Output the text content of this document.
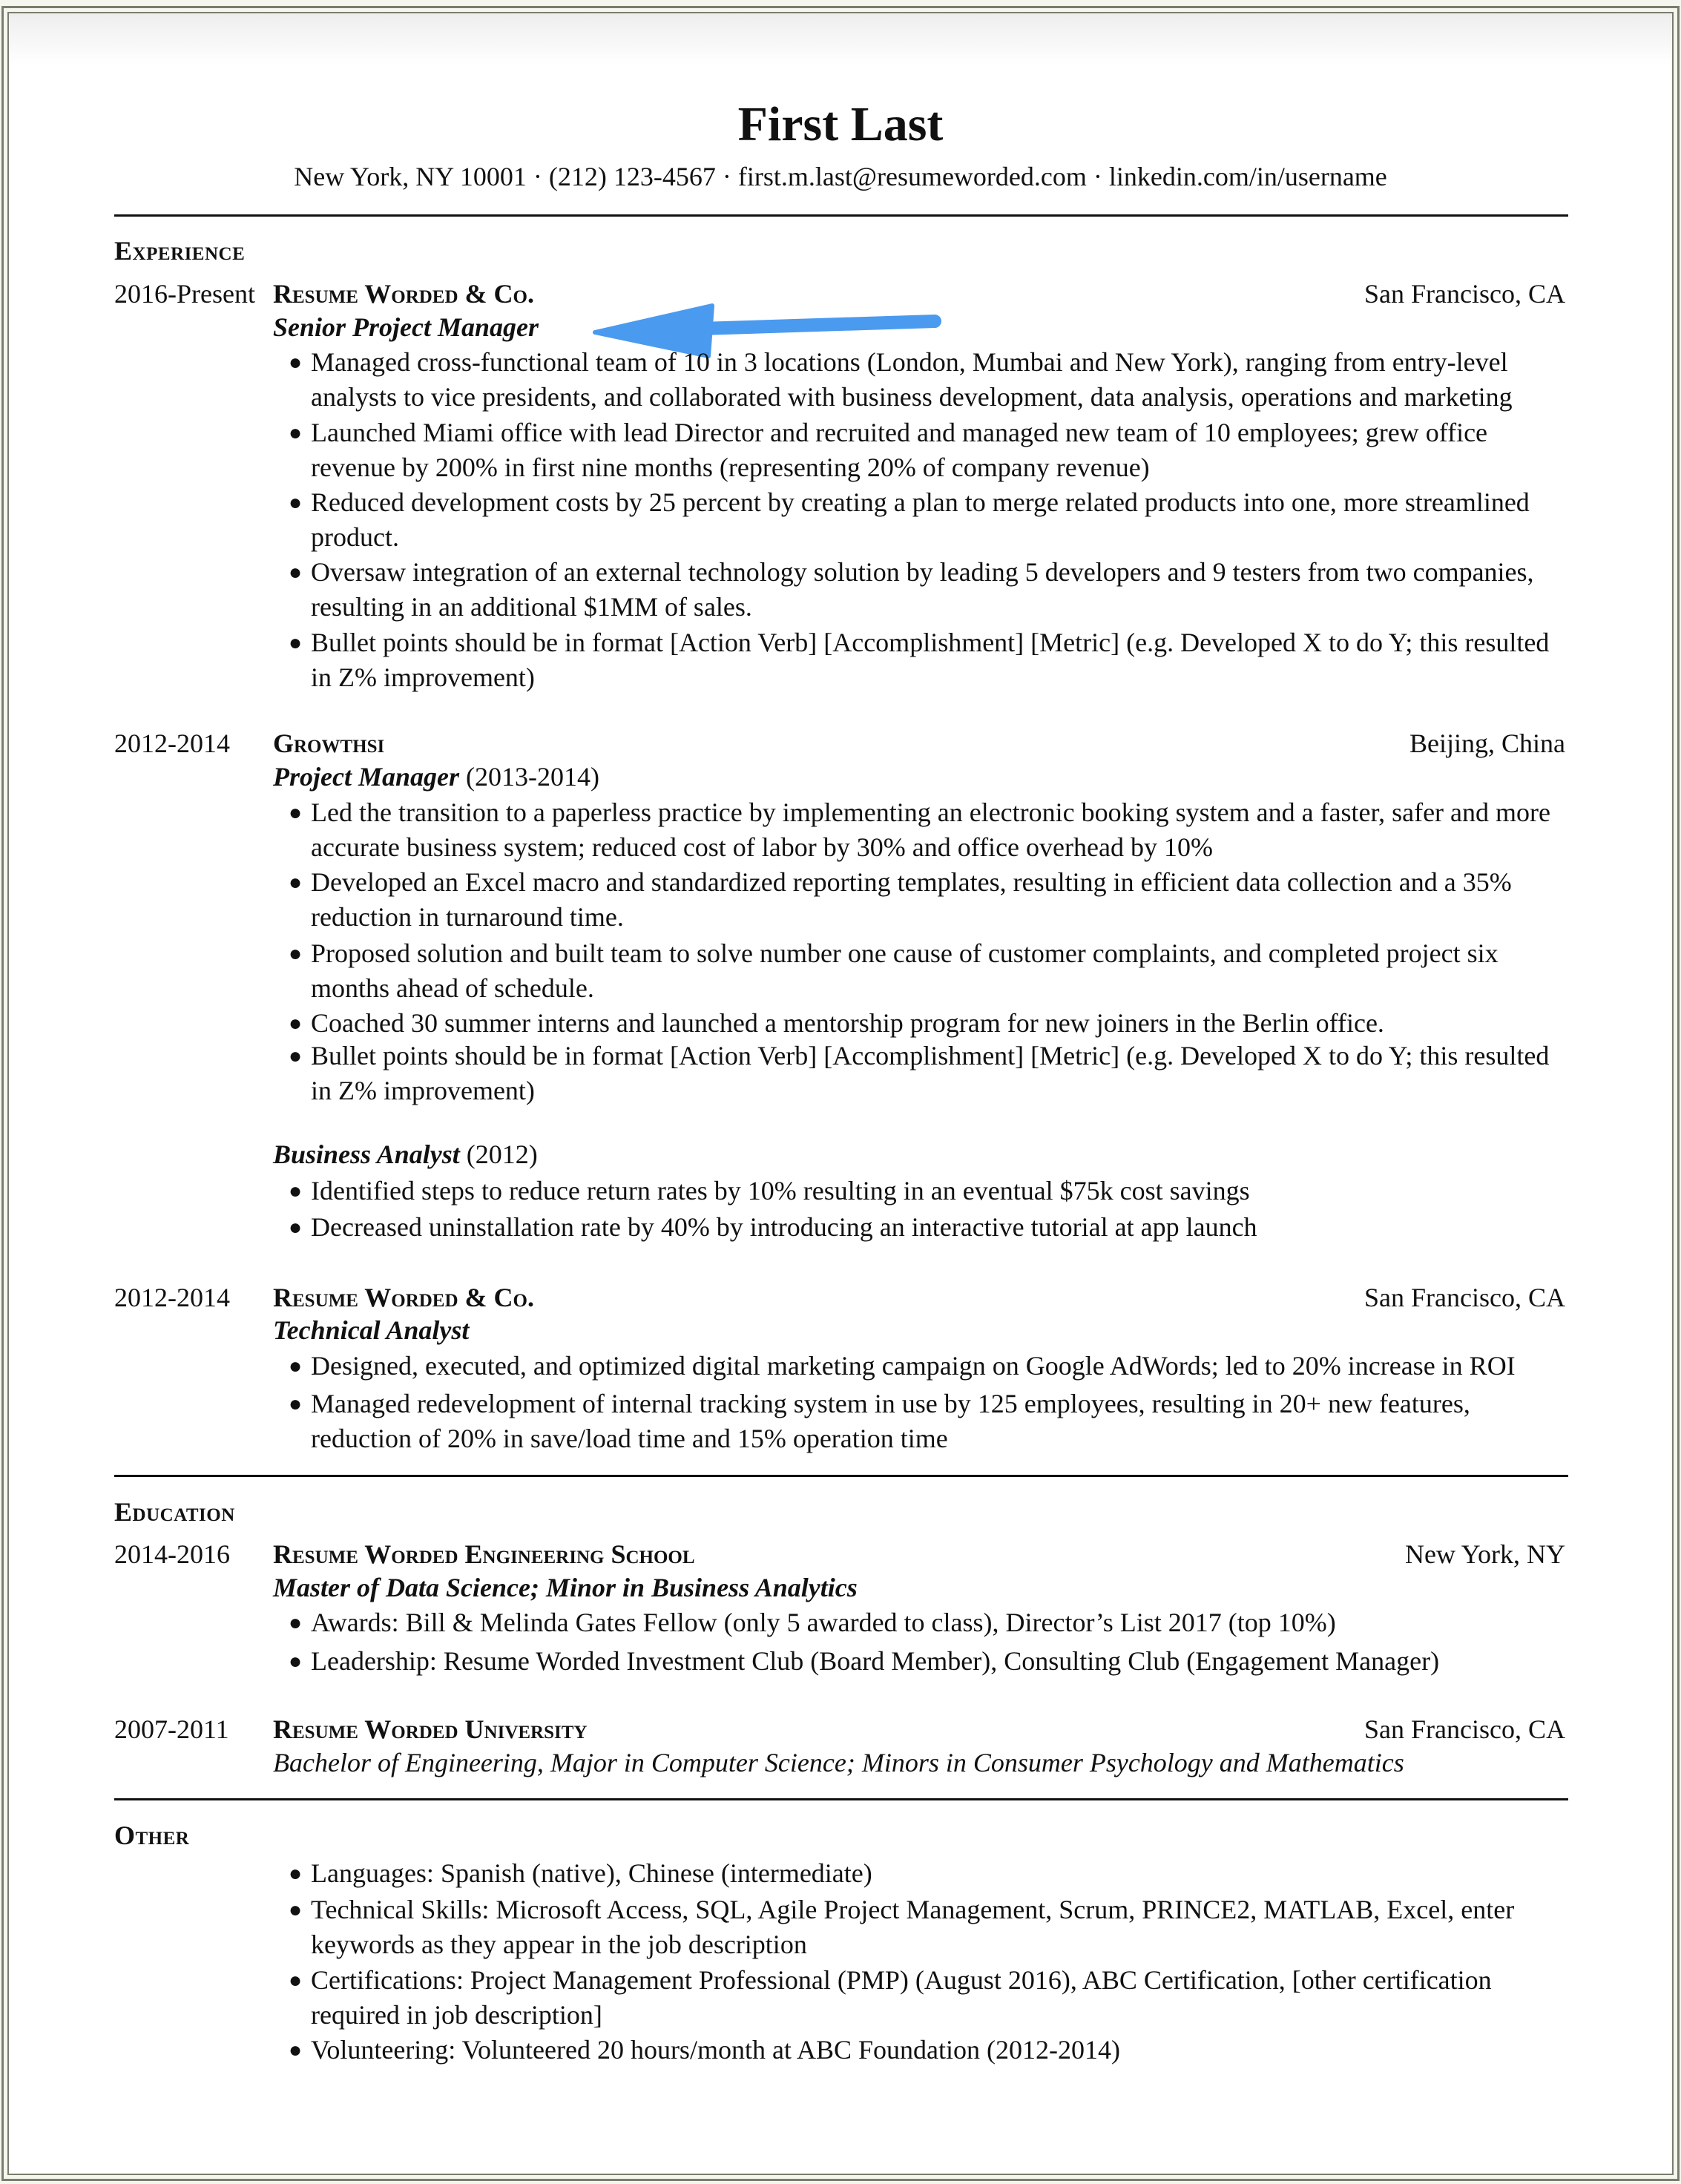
First Last
New York, NY 10001 · (212) 123-4567 · first.m.last@resumeworded.com · linkedin.com/in/username
Experience
2016-Present Resume Worded & Co.	San Francisco, CA
Senior Project Manager
● Managed cross-functional team of 10 in 3 locations (London, Mumbai and New York), ranging from entry-level analysts to vice presidents, and collaborated with business development, data analysis, operations and marketing
● Launched Miami office with lead Director and recruited and managed new team of 10 employees; grew office revenue by 200% in first nine months (representing 20% of company revenue)
● Reduced development costs by 25 percent by creating a plan to merge related products into one, more streamlined product.
● Oversaw integration of an external technology solution by leading 5 developers and 9 testers from two companies, resulting in an additional $1MM of sales.
● Bullet points should be in format [Action Verb] [Accomplishment] [Metric] (e.g. Developed X to do Y; this resulted in Z% improvement)
2012-2014 Growthsi	Beijing, China
Project Manager (2013-2014)
● Led the transition to a paperless practice by implementing an electronic booking system and a faster, safer and more accurate business system; reduced cost of labor by 30% and office overhead by 10%
● Developed an Excel macro and standardized reporting templates, resulting in efficient data collection and a 35% reduction in turnaround time.
● Proposed solution and built team to solve number one cause of customer complaints, and completed project six months ahead of schedule.
● Coached 30 summer interns and launched a mentorship program for new joiners in the Berlin office.
● Bullet points should be in format [Action Verb] [Accomplishment] [Metric] (e.g. Developed X to do Y; this resulted in Z% improvement)
Business Analyst (2012)
● Identified steps to reduce return rates by 10% resulting in an eventual $75k cost savings
● Decreased uninstallation rate by 40% by introducing an interactive tutorial at app launch
2012-2014 Resume Worded & Co.	San Francisco, CA
Technical Analyst
● Designed, executed, and optimized digital marketing campaign on Google AdWords; led to 20% increase in ROI
● Managed redevelopment of internal tracking system in use by 125 employees, resulting in 20+ new features, reduction of 20% in save/load time and 15% operation time
Education
2014-2016 Resume Worded Engineering School	New York, NY
Master of Data Science; Minor in Business Analytics
● Awards: Bill & Melinda Gates Fellow (only 5 awarded to class), Director’s List 2017 (top 10%)
● Leadership: Resume Worded Investment Club (Board Member), Consulting Club (Engagement Manager)
2007-2011 Resume Worded University	San Francisco, CA
Bachelor of Engineering, Major in Computer Science; Minors in Consumer Psychology and Mathematics
Other
● Languages: Spanish (native), Chinese (intermediate)
● Technical Skills: Microsoft Access, SQL, Agile Project Management, Scrum, PRINCE2, MATLAB, Excel, enter keywords as they appear in the job description
● Certifications: Project Management Professional (PMP) (August 2016), ABC Certification, [other certification required in job description]
● Volunteering: Volunteered 20 hours/month at ABC Foundation (2012-2014)
